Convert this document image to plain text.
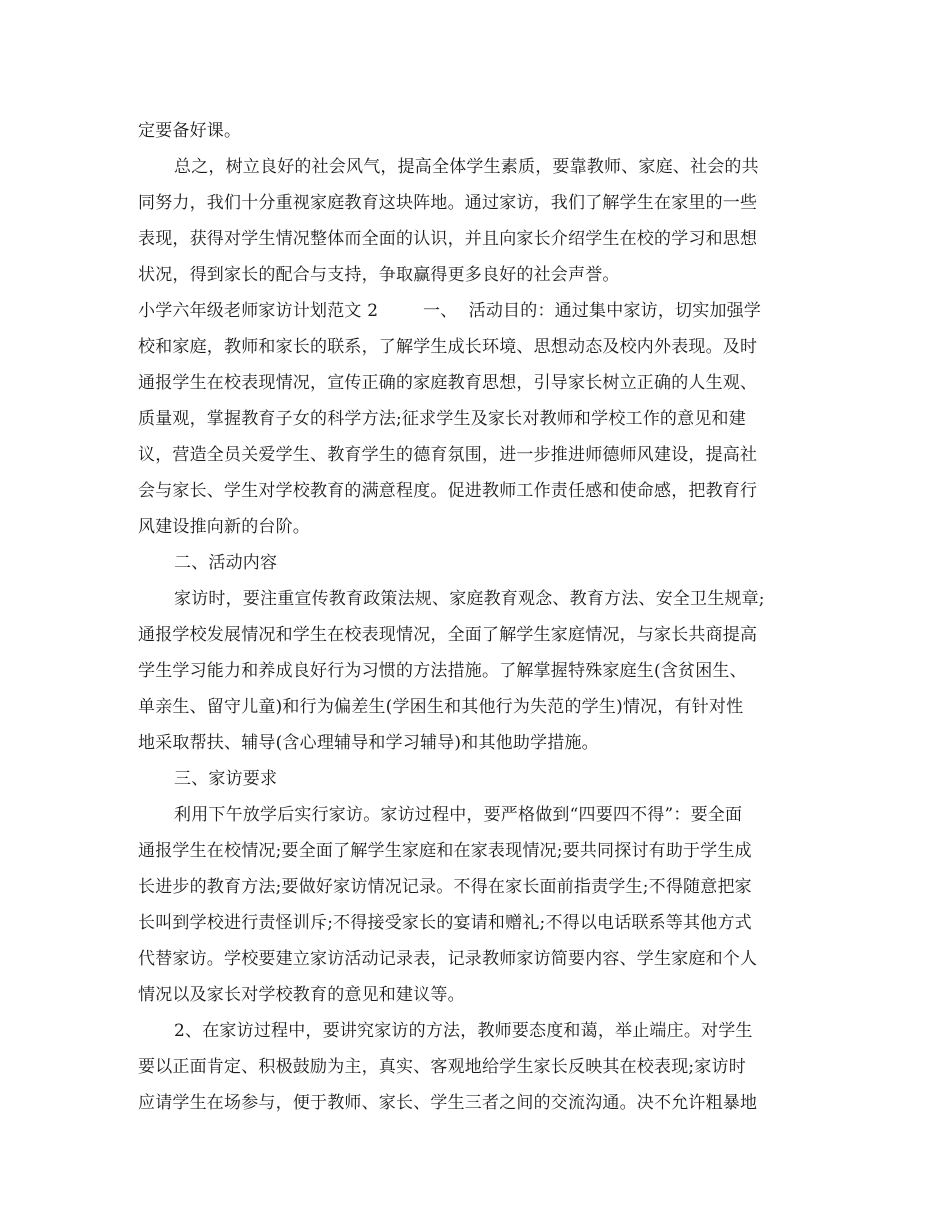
定要备好课。
总之，树立良好的社会风气，提高全体学生素质，要靠教师、家庭、社会的共
同努力，我们十分重视家庭教育这块阵地。通过家访，我们了解学生在家里的一些
表现，获得对学生情况整体而全面的认识，并且向家长介绍学生在校的学习和思想
状况，得到家长的配合与支持，争取赢得更多良好的社会声誉。
小学六年级老师家访计划范文 2        一、  活动目的：通过集中家访，切实加强学
校和家庭，教师和家长的联系，了解学生成长环境、思想动态及校内外表现。及时
通报学生在校表现情况，宣传正确的家庭教育思想，引导家长树立正确的人生观、
质量观，掌握教育子女的科学方法;征求学生及家长对教师和学校工作的意见和建
议，营造全员关爱学生、教育学生的德育氛围，进一步推进师德师风建设，提高社
会与家长、学生对学校教育的满意程度。促进教师工作责任感和使命感，把教育行
风建设推向新的台阶。
二、活动内容
家访时，要注重宣传教育政策法规、家庭教育观念、教育方法、安全卫生规章;
通报学校发展情况和学生在校表现情况，全面了解学生家庭情况，与家长共商提高
学生学习能力和养成良好行为习惯的方法措施。了解掌握特殊家庭生(含贫困生、
单亲生、留守儿童)和行为偏差生(学困生和其他行为失范的学生)情况，有针对性
地采取帮扶、辅导(含心理辅导和学习辅导)和其他助学措施。
三、家访要求
利用下午放学后实行家访。家访过程中，要严格做到“四要四不得”：要全面
通报学生在校情况;要全面了解学生家庭和在家表现情况;要共同探讨有助于学生成
长进步的教育方法;要做好家访情况记录。不得在家长面前指责学生;不得随意把家
长叫到学校进行责怪训斥;不得接受家长的宴请和赠礼;不得以电话联系等其他方式
代替家访。学校要建立家访活动记录表，记录教师家访简要内容、学生家庭和个人
情况以及家长对学校教育的意见和建议等。
2、在家访过程中，要讲究家访的方法，教师要态度和蔼，举止端庄。对学生
要以正面肯定、积极鼓励为主，真实、客观地给学生家长反映其在校表现;家访时
应请学生在场参与，便于教师、家长、学生三者之间的交流沟通。决不允许粗暴地
